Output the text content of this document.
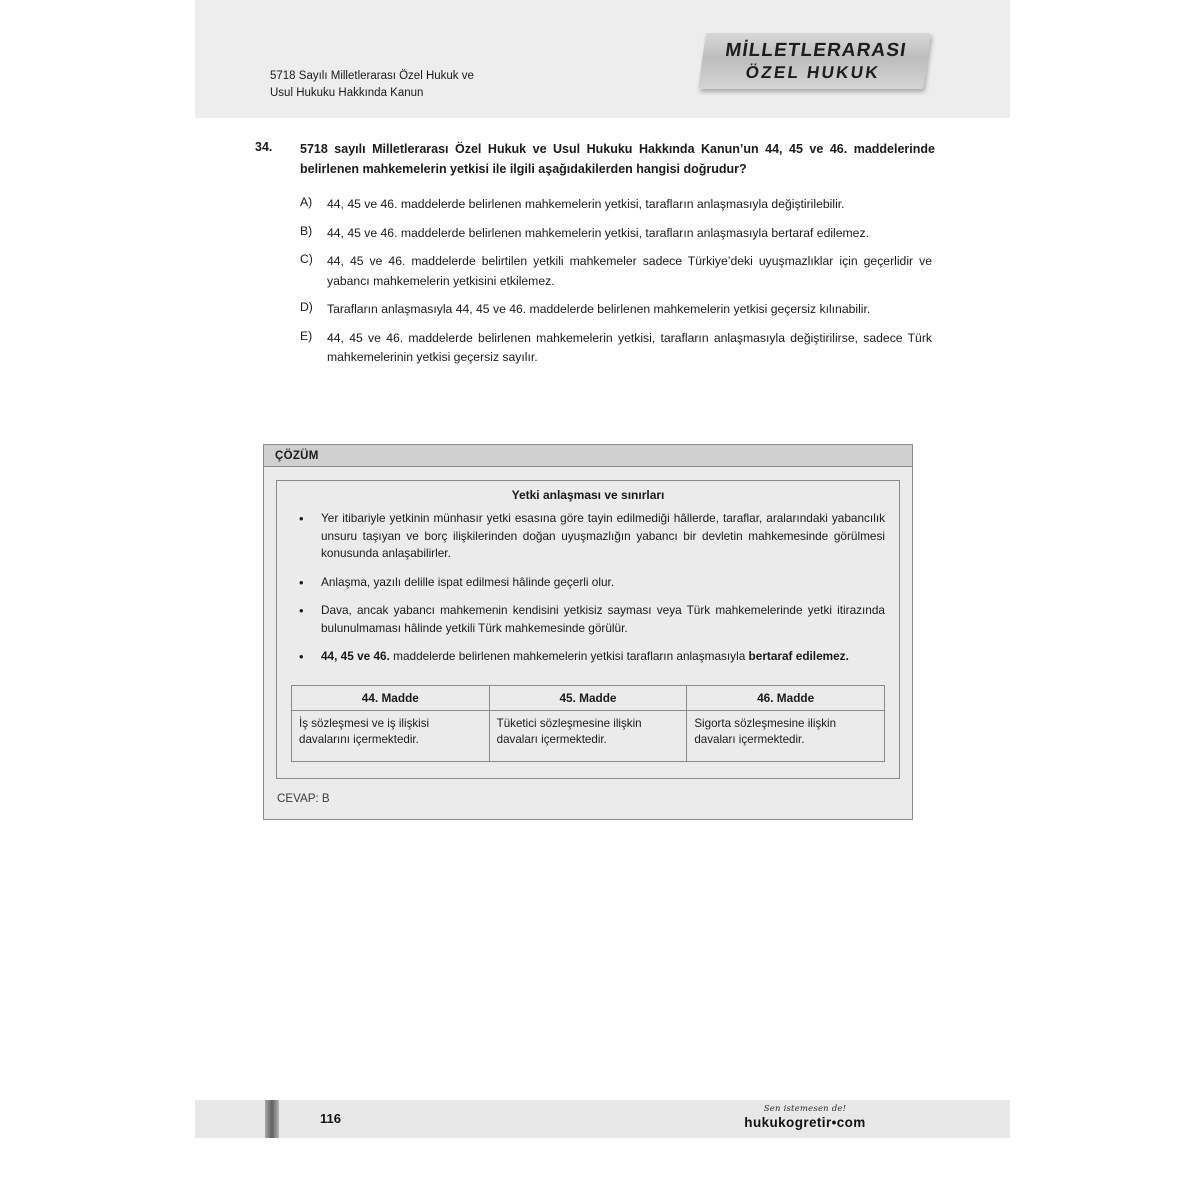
5718 Sayılı Milletlerarası Özel Hukuk ve
Usul Hukuku Hakkında Kanun
MİLLETLERARASI
ÖZEL HUKUK
34.	5718 sayılı Milletlerarası Özel Hukuk ve Usul Hukuku Hakkında Kanun’un 44, 45 ve 46. maddelerinde belirlenen mahkemelerin yetkisi ile ilgili aşağıdakilerden hangisi doğrudur?
A)	44, 45 ve 46. maddelerde belirlenen mahkemelerin yetkisi, tarafların anlaşmasıyla değiştirilebilir.
B)	44, 45 ve 46. maddelerde belirlenen mahkemelerin yetkisi, tarafların anlaşmasıyla bertaraf edilemez.
C)	44, 45 ve 46. maddelerde belirtilen yetkili mahkemeler sadece Türkiye’deki uyuşmazlıklar için geçerlidir ve yabancı mahkemelerin yetkisini etkilemez.
D)	Tarafların anlaşmasıyla 44, 45 ve 46. maddelerde belirlenen mahkemelerin yetkisi geçersiz kılınabilir.
E)	44, 45 ve 46. maddelerde belirlenen mahkemelerin yetkisi, tarafların anlaşmasıyla değiştirilirse, sadece Türk mahkemelerinin yetkisi geçersiz sayılır.
ÇÖZÜM
Yetki anlaşması ve sınırları
• Yer itibariyle yetkinin münhasır yetki esasına göre tayin edilmediği hâllerde, taraflar, aralarındaki yabancılık unsuru taşıyan ve borç ilişkilerinden doğan uyuşmazlığın yabancı bir devletin mahkemesinde görülmesi konusunda anlaşabilirler.
• Anlaşma, yazılı delille ispat edilmesi hâlinde geçerli olur.
• Dava, ancak yabancı mahkemenin kendisini yetkisiz sayması veya Türk mahkemelerinde yetki itirazında bulunulmaması hâlinde yetkili Türk mahkemesinde görülür.
• 44, 45 ve 46. maddelerde belirlenen mahkemelerin yetkisi tarafların anlaşmasıyla bertaraf edilemez.
44. Madde	45. Madde	46. Madde
İş sözleşmesi ve iş ilişkisi davalarını içermektedir.	Tüketici sözleşmesine ilişkin davaları içermektedir.	Sigorta sözleşmesine ilişkin davaları içermektedir.
CEVAP: B
116
Sen istemesen de!
hukukogretir•com
